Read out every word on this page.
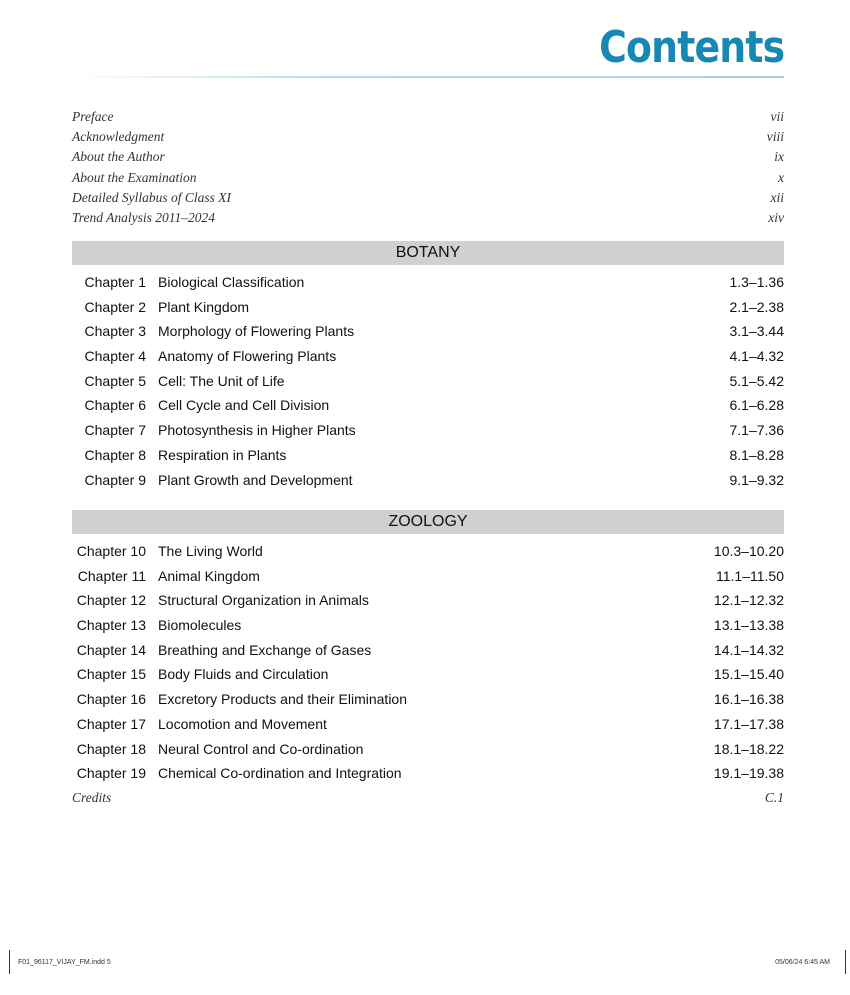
Contents
Preface	vii
Acknowledgment	viii
About the Author	ix
About the Examination	x
Detailed Syllabus of Class XI	xii
Trend Analysis 2011–2024	xiv
BOTANY
Chapter 1 Biological Classification	1.3–1.36
Chapter 2 Plant Kingdom	2.1–2.38
Chapter 3 Morphology of Flowering Plants	3.1–3.44
Chapter 4 Anatomy of Flowering Plants	4.1–4.32
Chapter 5 Cell: The Unit of Life	5.1–5.42
Chapter 6 Cell Cycle and Cell Division	6.1–6.28
Chapter 7 Photosynthesis in Higher Plants	7.1–7.36
Chapter 8 Respiration in Plants	8.1–8.28
Chapter 9 Plant Growth and Development	9.1–9.32
ZOOLOGY
Chapter 10 The Living World	10.3–10.20
Chapter 11 Animal Kingdom	11.1–11.50
Chapter 12 Structural Organization in Animals	12.1–12.32
Chapter 13 Biomolecules	13.1–13.38
Chapter 14 Breathing and Exchange of Gases	14.1–14.32
Chapter 15 Body Fluids and Circulation	15.1–15.40
Chapter 16 Excretory Products and their Elimination	16.1–16.38
Chapter 17 Locomotion and Movement	17.1–17.38
Chapter 18 Neural Control and Co-ordination	18.1–18.22
Chapter 19 Chemical Co-ordination and Integration	19.1–19.38
Credits	C.1
F01_96117_VIJAY_FM.indd 5	05/06/24 6:45 AM
